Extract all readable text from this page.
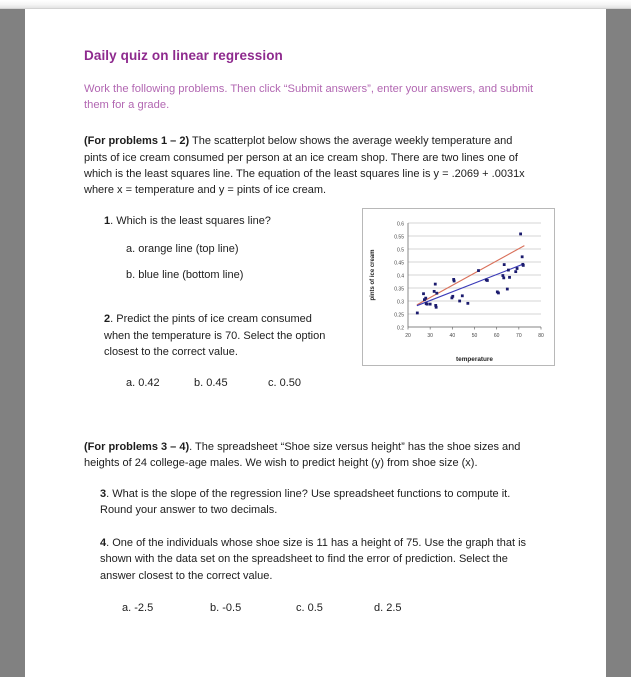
Daily quiz on linear regression

Work the following problems. Then click “Submit answers”, enter your answers, and submit them for a grade.

(For problems 1 – 2) The scatterplot below shows the average weekly temperature and pints of ice cream consumed per person at an ice cream shop. There are two lines one of which is the least squares line. The equation of the least squares line is y = .2069 + .0031x where x = temperature and y = pints of ice cream.

1. Which is the least squares line?
a. orange line (top line)
b. blue line (bottom line)
2. Predict the pints of ice cream consumed when the temperature is 70. Select the option closest to the correct value.
a. 0.42	b. 0.45	c. 0.50
0.2
0.25
0.3
0.35
0.4
0.45
0.5
0.55
0.6
20	30	40	50	60	70	80
temperature
pints of ice cream

(For problems 3 – 4). The spreadsheet “Shoe size versus height” has the shoe sizes and heights of 24 college-age males. We wish to predict height (y) from shoe size (x).

3. What is the slope of the regression line? Use spreadsheet functions to compute it. Round your answer to two decimals.
4. One of the individuals whose shoe size is 11 has a height of 75. Use the graph that is shown with the data set on the spreadsheet to find the error of prediction. Select the answer closest to the correct value.
a. -2.5	b. -0.5	c. 0.5	d. 2.5
